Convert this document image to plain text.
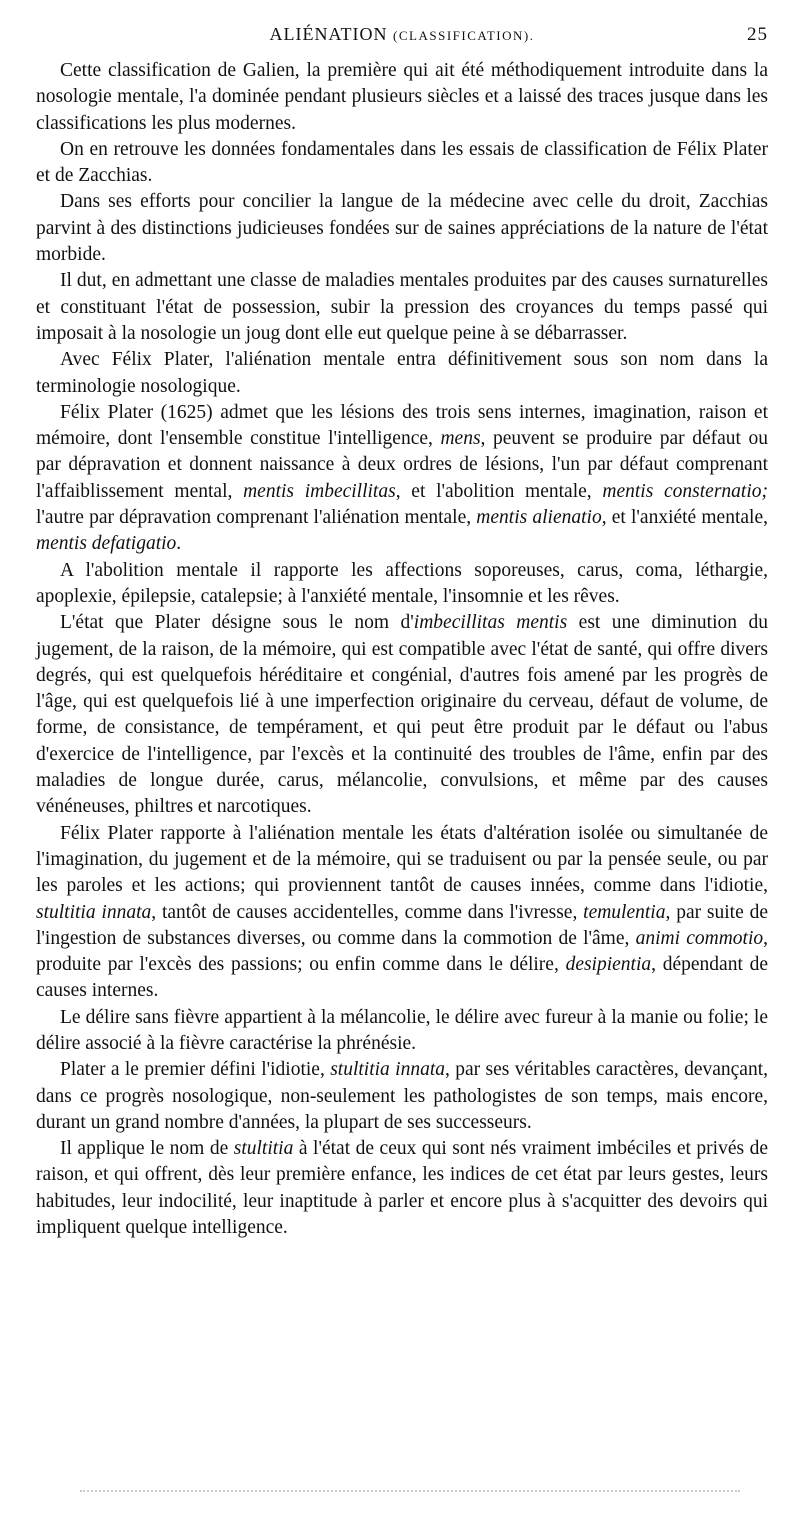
ALIÉNATION (CLASSIFICATION).	25

Cette classification de Galien, la première qui ait été méthodiquement introduite dans la nosologie mentale, l'a dominée pendant plusieurs siècles et a laissé des traces jusque dans les classifications les plus modernes.

On en retrouve les données fondamentales dans les essais de classification de Félix Plater et de Zacchias.

Dans ses efforts pour concilier la langue de la médecine avec celle du droit, Zacchias parvint à des distinctions judicieuses fondées sur de saines appréciations de la nature de l'état morbide.

Il dut, en admettant une classe de maladies mentales produites par des causes surnaturelles et constituant l'état de possession, subir la pression des croyances du temps passé qui imposait à la nosologie un joug dont elle eut quelque peine à se débarrasser.

Avec Félix Plater, l'aliénation mentale entra définitivement sous son nom dans la terminologie nosologique.

Félix Plater (1625) admet que les lésions des trois sens internes, imagination, raison et mémoire, dont l'ensemble constitue l'intelligence, mens, peuvent se produire par défaut ou par dépravation et donnent naissance à deux ordres de lésions, l'un par défaut comprenant l'affaiblissement mental, mentis imbecillitas, et l'abolition mentale, mentis consternatio; l'autre par dépravation comprenant l'aliénation mentale, mentis alienatio, et l'anxiété mentale, mentis defatigatio.

A l'abolition mentale il rapporte les affections soporeuses, carus, coma, léthargie, apoplexie, épilepsie, catalepsie; à l'anxiété mentale, l'insomnie et les rêves.

L'état que Plater désigne sous le nom d'imbecillitas mentis est une diminution du jugement, de la raison, de la mémoire, qui est compatible avec l'état de santé, qui offre divers degrés, qui est quelquefois héréditaire et congénial, d'autres fois amené par les progrès de l'âge, qui est quelquefois lié à une imperfection originaire du cerveau, défaut de volume, de forme, de consistance, de tempérament, et qui peut être produit par le défaut ou l'abus d'exercice de l'intelligence, par l'excès et la continuité des troubles de l'âme, enfin par des maladies de longue durée, carus, mélancolie, convulsions, et même par des causes vénéneuses, philtres et narcotiques.

Félix Plater rapporte à l'aliénation mentale les états d'altération isolée ou simultanée de l'imagination, du jugement et de la mémoire, qui se traduisent ou par la pensée seule, ou par les paroles et les actions; qui proviennent tantôt de causes innées, comme dans l'idiotie, stultitia innata, tantôt de causes accidentelles, comme dans l'ivresse, temulentia, par suite de l'ingestion de substances diverses, ou comme dans la commotion de l'âme, animi commotio, produite par l'excès des passions; ou enfin comme dans le délire, desipientia, dépendant de causes internes.

Le délire sans fièvre appartient à la mélancolie, le délire avec fureur à la manie ou folie; le délire associé à la fièvre caractérise la phrénésie.

Plater a le premier défini l'idiotie, stultitia innata, par ses véritables caractères, devançant, dans ce progrès nosologique, non-seulement les pathologistes de son temps, mais encore, durant un grand nombre d'années, la plupart de ses successeurs.

Il applique le nom de stultitia à l'état de ceux qui sont nés vraiment imbéciles et privés de raison, et qui offrent, dès leur première enfance, les indices de cet état par leurs gestes, leurs habitudes, leur indocilité, leur inaptitude à parler et encore plus à s'acquitter des devoirs qui impliquent quelque intelligence.
